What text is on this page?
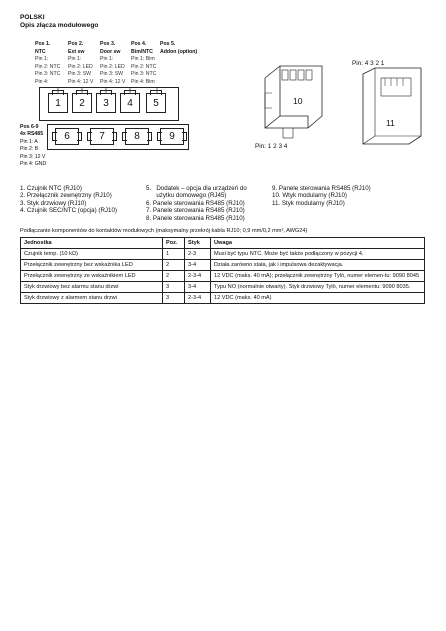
POLSKI
Opis złącza modułowego
Pos 1.
NTC
Pin 1:
Pin 2: NTC
Pin 3: NTC
Pin 4:
Pos 2.
Ext sw
Pin 1:
Pin 2: LED
Pin 3: SW
Pin 4: 12 V
Pos 3.
Door sw
Pin 1:
Pin 2: LED
Pin 3: SW
Pin 4: 12 V
Pos 4.
Bim/NTC
Pin 1: Bim
Pin 2: NTC
Pin 3: NTC
Pin 4: Bim
Pos 5.
Addon (option)
1	2	3	4	5
Pos 6-9
4x RS485
Pin 1: A
Pin 2: B
Pin 3: 12 V
Pin 4: GND
6	7	8	9
10
Pin: 1 2 3 4
Pin: 4 3 2 1
11
1. Czujnik NTC (RJ10)
2. Przełącznik zewnętrzny (RJ10)
3. Styk drzwiowy (RJ10)
4. Czujnik SEC/NTC (opcja) (RJ10)
5.   Dodatek – opcja dla urządzeń do
użytku domowego (RJ45)
6. Panele sterowania RS485 (RJ10)
7. Panele sterowania RS485 (RJ10)
8. Panele sterowania RS485 (RJ10)
9. Panele sterowania RS485 (RJ10)
10. Wtyk modularny (RJ10)
11. Styk modularny (RJ10)
Podłączanie komponentów do kontaktów modułowych (maksymalny przekrój kabla RJ10; 0,9 mm/0,2 mm², AWG24)
Jednostka	Poz.	Styk	Uwaga
Czujnik temp. (10 kΩ)	1	2-3	Musi być typu NTC. Może być także podłączony w pozycji 4.
Przełącznik zewnętrzny bez wskaźnika LED	2	3-4	Działa zarówno stała, jak i impulsowa dezaktywacja.
Przełącznik zewnętrzny ze wskaźnikiem LED	2	2-3-4	12 VDC (maks. 40 mA); przełącznik zewnętrzny Tylö, numer elemen-tu: 9090 8045
Styk drzwiowy bez alarmu stanu drzwi	3	3-4	Typu NO (normalnie otwarty). Styk drzwiowy Tylö, numer elementu: 9090 8035.
Styk drzwiowy z alarmem stanu drzwi	3	2-3-4	12 VDC (maks. 40 mA)
